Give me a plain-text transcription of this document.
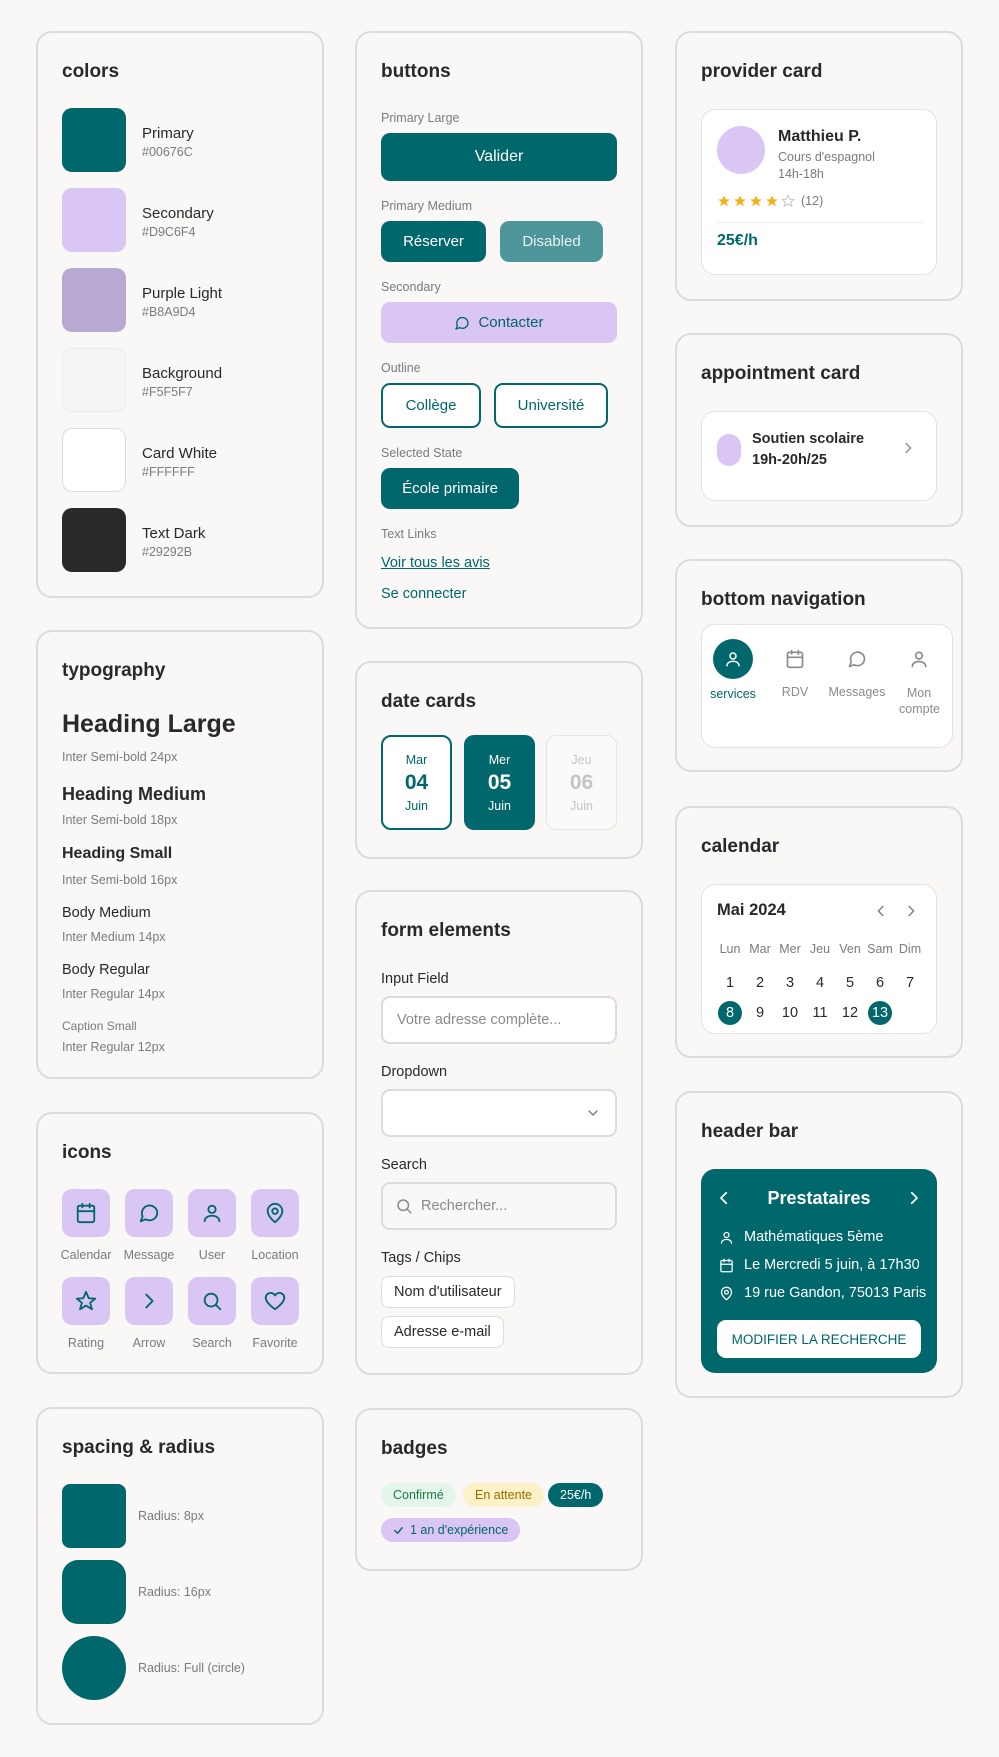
colors
Primary
#00676C
Secondary
#D9C6F4
Purple Light
#B8A9D4
Background
#F5F5F7
Card White
#FFFFFF
Text Dark
#29292B
typography
Heading Large
Inter Semi-bold 24px
Heading Medium
Inter Semi-bold 18px
Heading Small
Inter Semi-bold 16px
Body Medium
Inter Medium 14px
Body Regular
Inter Regular 14px
Caption Small
Inter Regular 12px
icons
Calendar Message	User	Location
Rating	Arrow	Search	Favorite
spacing & radius
Radius: 8px
Radius: 16px
Radius: Full (circle)
buttons
Primary Large
Valider
Primary Medium
Réserver	Disabled
Secondary
Contacter
Outline
Collège	Université
Selected State
École primaire
Text Links
Voir tous les avis
Se connecter
date cards
Mar
04
Juin
Mer
05
Juin
Jeu
06
Juin
form elements
Input Field
Votre adresse complète...
Dropdown
Search
Rechercher...
Tags / Chips
Nom d'utilisateur
Adresse e-mail
badges
Confirmé	En attente	25€/h
1 an d'expérience
provider card
Matthieu P.
Cours d'espagnol
14h-18h
(12)
25€/h
appointment card
Soutien scolaire
19h-20h/25
bottom navigation
services	RDV	Messages	Mon compte
calendar
Mai 2024
Lun Mar Mer Jeu Ven Sam Dim
1	2	3	4	5	6	7
8	9	10 11 12 13
header bar
Prestataires
Mathématiques 5ème
Le Mercredi 5 juin, à 17h30
19 rue Gandon, 75013 Paris
MODIFIER LA RECHERCHE
